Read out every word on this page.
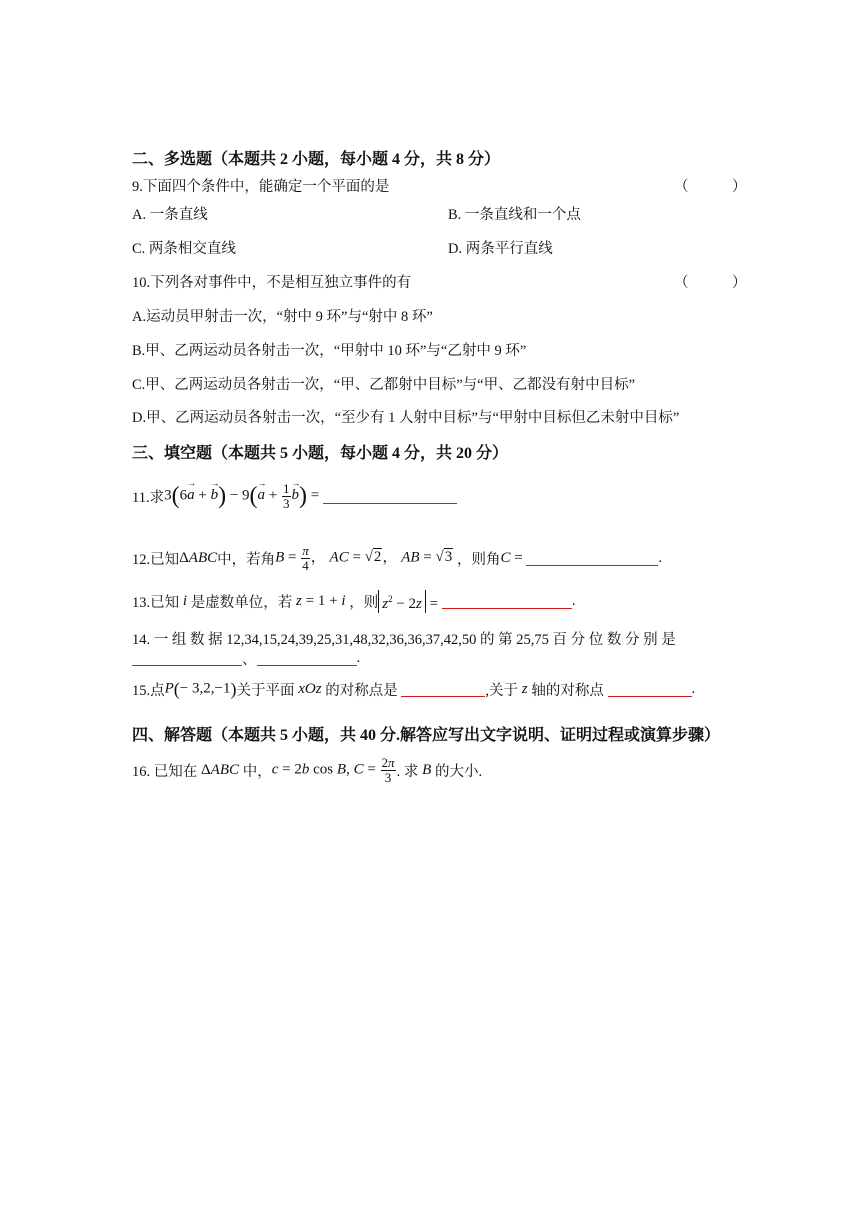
二、多选题（本题共 2 小题，每小题 4 分，共 8 分）
9.下面四个条件中，能确定一个平面的是	（　　　）
A. 一条直线	B. 一条直线和一个点
C. 两条相交直线	D. 两条平行直线
10.下列各对事件中，不是相互独立事件的有	（　　　）
A.运动员甲射击一次，“射中 9 环”与“射中 8 环”
B.甲、乙两运动员各射击一次，“甲射中 10 环”与“乙射中 9 环”
C.甲、乙两运动员各射击一次，“甲、乙都射中目标”与“甲、乙都没有射中目标”
D.甲、乙两运动员各射击一次，“至少有 1 人射中目标”与“甲射中目标但乙未射中目标”
三、填空题（本题共 5 小题，每小题 4 分，共 20 分）
11.求 3(6→ a + → $b) - 9(\to a + \frac{1}{3}$
→ b) =
12.已知 ΔABC 中，若角 $B = \frac{\pi}{4}$ ， AC = √2， AB = √3 ，则角 C =	.
13.已知 i 是虚数单位，若 z = 1 + i ，则 $z^2 - 2z$ =	.
14. 一 组 数 据 12,34,15,24,39,25,31,48,32,36,36,37,42,50 的 第 25,75 百 分 位 数 分 别 是
、	.
15.点 P(− 3,2,−1) 关于平面 xOz 的对称点是
	,关于 z 轴的对称点
	.
四、解答题（本题共 5 小题，共 40 分.解答应写出文字说明、证明过程或演算步骤）
16. 已知在 ΔABC 中， c = 2b cos B, $C = \frac{2\pi}{3}$ . 求 B 的大小.
